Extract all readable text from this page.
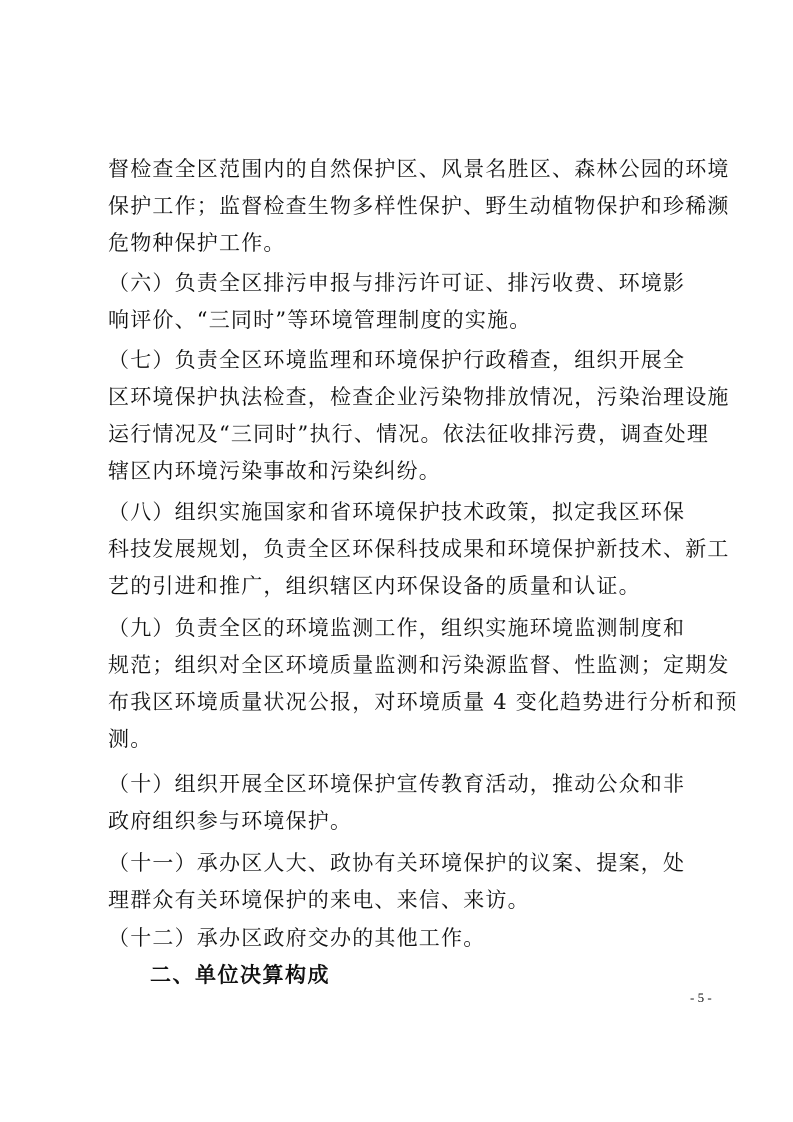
督检查全区范围内的自然保护区、风景名胜区、森林公园的环境
保护工作；监督检查生物多样性保护、野生动植物保护和珍稀濒
危物种保护工作。
（六）负责全区排污申报与排污许可证、排污收费、环境影
响评价、“三同时”等环境管理制度的实施。
（七）负责全区环境监理和环境保护行政稽查，组织开展全
区环境保护执法检查，检查企业污染物排放情况，污染治理设施
运行情况及“三同时”执行、情况。依法征收排污费，调查处理
辖区内环境污染事故和污染纠纷。
（八）组织实施国家和省环境保护技术政策，拟定我区环保
科技发展规划，负责全区环保科技成果和环境保护新技术、新工
艺的引进和推广，组织辖区内环保设备的质量和认证。
（九）负责全区的环境监测工作，组织实施环境监测制度和
规范；组织对全区环境质量监测和污染源监督、性监测；定期发
布我区环境质量状况公报，对环境质量 4 变化趋势进行分析和预
测。
（十）组织开展全区环境保护宣传教育活动，推动公众和非
政府组织参与环境保护。
（十一）承办区人大、政协有关环境保护的议案、提案，处
理群众有关环境保护的来电、来信、来访。
（十二）承办区政府交办的其他工作。
二、单位决算构成
- 5 -
